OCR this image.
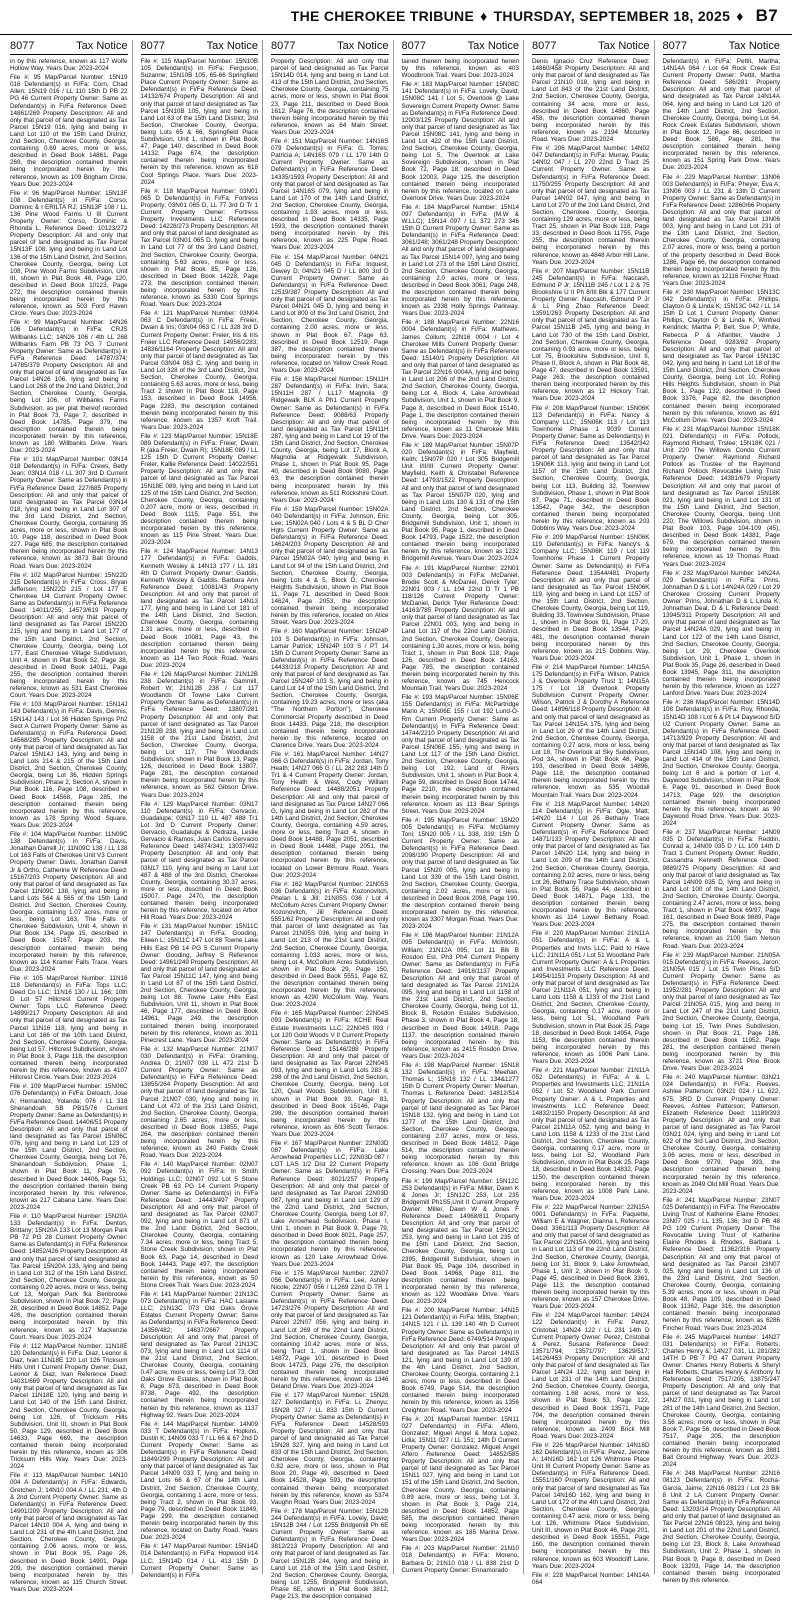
THE CHEROKEE TRIBUNE ♦ THURSDAY, SEPTEMBER 18, 2025 ♦ B7
8077	Tax Notice

in by this reference, known as 117 Wolfe Hollow Way. Years Due: 2023-2024

File #: 95 Map/Parcel Number: 15N19 016 Defendant(s) in Fi/Fa: Corn, Chad Allen; 15N19 016 / LL 110 15th D PB 22 PG 46 Current Property Owner: Same as Defendant(s) in Fi/Fa Reference Deed: 14861/269 Property Description: All and only that parcel of land designated as Tax Parcel 15N19 016, lying and being in Land Lot 110 of the 15th Land District, 2nd Section, Cherokee County, Georgia, containing 0.69 acres, more or less, described in Deed Book 14861, Page 269, the description contained therein being incorporated herein by this reference, known as 109 Brigham Circle. Years Due: 2023-2024

File #: 96 Map/Parcel Number: 15N13F 108 Defendant(s) in Fi/Fa: Corso, Dominic & I ERILTA RJ; 15N13F 108 / LL 136 Pine Wood Farms U III Current Property Owner: Corso, Dominic & Rhonda L. Reference Deed: 10123/272 Property Description: All and only that parcel of land designated as Tax Parcel 15N13F 108, lying and being in Land Lot 136 of the 15th Land District, 2nd Section, Cherokee County, Georgia, being Lot 108, Pine Wood Farms Subdivision, Unit III, shown in Plat Book 46, Page 120, described in Deed Book 10123, Page 272, the description contained therein being incorporated herein by this reference, known as 503 Ford Haven Circle. Years Due: 2023-2024

File #: 99 Map/Parcel Number: 14N26 106 Defendant(s) in Fi/Fa: CRJS Willbanks LLC; 14N26 106 / 4th LL 268 Willbanks Farm PB 73 PG 7 Current Property Owner: Same as Defendant(s) in Fi/Fa Reference Deed: 14787/374; 14785/379 Property Description: All and only that parcel of land designated as Tax Parcel 14N26 106, lying and being in Land Lot 268 of the 2nd Land District, 2nd Section, Cherokee County, Georgia, being Lot 106, of Willbanks Farms Subdivision, as per plat thereof recorded in Plat Book 73, Page 7, described in Deed Book 14785, Page 379, the description contained therein being incorporated herein by this reference, known as 180 Willbanks Drive. Years Due: 2023-2024

File #: 101 Map/Parcel Number: 03N14 018 Defendant(s) in Fi/Fa: Crews, Betty Jean; 03N14 018 / LL 307 3rd D Current Property Owner: Same as Defendant(s) in Fi/Fa Reference Deed: 227/685 Property Description: All and only that parcel of land designated as Tax Parcel 03N14 018, lying and being in Land Lot 307 of the 3rd Land District, 2nd Section, Cherokee County, Georgia, containing 35 acres, more or less, shown in Plat Book 10, Page 118, described in Deed Book 227, Page 685, the description contained therein being incorporated herein by this reference, known as 3873 Ball Ground Road. Years Due: 2023-2024

File #: 102 Map/Parcel Number: 15N22D 215 Defendant(s) in Fi/Fa: Cross, Bryan Jefferson; 15N22D 215 / Lot 177 E Cherokee U4 Current Property Owner: Same as Defendant(s) in Fi/Fa Reference Deed: 14011/255; 14573/619 Property Description: All and only that parcel of land designated as Tax Parcel 15N22D 215, lying and being in Land Lot 177 of the 15th Land District, 2nd Section, Cherokee County, Georgia, being Lot 177, East Cherokee Village Subdivision, Unit 4, shown in Plat Book 52, Page 38, described in Deed Book 14011, Page 255, the description contained therein being incorporated herein by this reference, known as 531 East Cherokee Court. Years Due: 2023-2024

File #: 103 Map/Parcel Number: 15N14J 143 Defendant(s) in Fi/Fa: Davis, Dennis; 15N14J 143 / Lot 36 Hidden Springs Ph2 Sect A Current Property Owner: Same as Defendant(s) in Fi/Fa Reference Deed: 14568/285 Property Description: All and only that parcel of land designated as Tax Parcel 15N14J 143, lying and being in Land Lots 214 & 215 of the 15th Land District, 2nd Section, Cherokee County, Georgia, being Lot 36, Hidden Springs Subdivision, Phase 2, Section A, shown in Plat Book 116, Page 108, described in Deed Book 14568, Page 285, the description contained therein being incorporated herein by this reference, known as 178 Spring Wood Square. Years Due: 2023-2024

File #: 104 Map/Parcel Number: 11N09C 138 Defendant(s) in Fi/Fa: Davis, Jonathan Darrell Jr; 11N09C 138 / LL 138 Lot 163 Falls of Cherokee Unit V3 Current Property Owner: Davis, Jonathan Darrell Jr & Ortho, Catherine W Reference Deed: 15167/203 Property Description: All and only that parcel of land designated as Tax Parcel 11N09C 138, lying and being in Land Lots 564 & 565 of the 15th Land District, 2nd Section, Cherokee County, Georgia, containing 1.07 acres, more or less, being Lot 163, The Falls of Cherokee Subdivision, Unit 4, shown in Plat Book 134, Page 15, described in Deed Book 15167, Page 203, the description contained therein being incorporated herein by this reference, known as 114 Kramer Falls Trace. Years Due: 2023-2024

File #: 105 Map/Parcel Number: 11N16 118 Defendant(s) in Fi/Fa: Tops LLC; Deed Co LLC; 11N16 130 / LL 166; 10th D Lot 57 Hillcrest Current Property Owner: Tops LLC Reference Deed: 14899/217 Property Description: All and only that parcel of land designated as Tax Parcel 11N16 118, lying and being in Land Lot 166 of the 10th Land District, 2nd Section, Cherokee County, Georgia, being Lot 57, Hillcrest Subdivision, shown in Plat Book 3, Page 118, the description contained therein being incorporated herein by this reference, known as 4107 Hillcrest Circle. Years Due: 2023-2024

File #: 109 Map/Parcel Number: 15N06C 076 Defendant(s) in Fi/Fa: Deloach, Jose A; Hernandez, Yolanda; 076 / LL 318 Shenandoah SB PB15/76 Current Property Owner: Same as Defendant(s) in Fi/Fa Reference Deed: 14406/51 Property Description: All and only that parcel of land designated as Tax Parcel 15N06C 076, lying and being in Land Lot 123 of the 15th Land District, 2nd Section, Cherokee County, Georgia, being Lot 76, Shenandoah Subdivision, Phase 1, shown in Plat Book 11, Page 76, described in Deed Book 14406, Page 51, the description contained therein being incorporated herein by this reference, known as 217 Cabana Lane. Years Due: 2023-2024

File #: 110 Map/Parcel Number: 15N20A 133 Defendant(s) in Fi/Fa: Denton, Brittany; 15N20A 133 Lot 13 Morgan Park PB 72 PG 28 Current Property Owner: Same as Defendant(s) in Fi/Fa Reference Deed: 14852/426 Property Description: All and only that parcel of land designated as Tax Parcel 15N20A 133, lying and being in Land Lot 312 of the 15th Land District, 2nd Section, Cherokee County, Georgia, containing 0.29 acres, more or less, being Lot 13, Morgan Park fka Benbrooke Subdivision, shown in Plat Book 72, Page 28, described in Deed Book 14852, Page 426, the description contained therein being incorporated herein by this reference, known as 217 Mackenzie Court. Years Due: 2023-2024

File #: 112 Map/Parcel Number: 11N18E 120 Defendant(s) in Fi/Fa: Diaz, Leonor & Diaz, Ivan 11N18E 120 Lot 126 Tricksum Hills Unit I Current Property Owner: Diaz, Leonor & Diaz, Ivan Reference Deed: 14031/669 Property Description: All and only that parcel of land designated as Tax Parcel 11N18E 120, lying and being in Land Lot 140 of the 15th Land District, 2nd Section, Cherokee County, Georgia, being Lot 126, of Tricksum Hills Subdivision, Unit III, shown in Plat Book 50, Page 129, described in Deed Book 14633, Page 669, the description contained therein being incorporated herein by this reference, known as 306 Tricksum Hills Way. Years Due: 2023-2024

File #: 113 Map/Parcel Number: 14N10 004 A Defendant(s) in Fi/Fa: Edwards, Gretchen J; 14N10 004 A / LL 231; 4th D & 2nd Current Property Owner: Same as Defendant(s) in Fi/Fa Reference Deed: 14901/209 Property Description: All and only that parcel of land designated as Tax Parcel 14N10 004 A, lying and being in Land Lot 231 of the 4th Land District, 2nd Section, Cherokee County, Georgia, containing 2.06 acres, more or less, shown in Plat Book 95, Page 26, described in Deed Book 14901, Page 209, the description contained therein being incorporated herein by this reference, known as 115 Church Street. Years Due: 2023-2024

8077	Tax Notice

File #: 115 Map/Parcel Number: 15N10B 105 Defendant(s) in Fi/Fa: Ferguson, Suzanne; 15N10B 105, 65-66 Springfield Place Current Property Owner: Same as Defendant(s) in Fi/Fa Reference Deed: 14132/674 Property Description: All and only that parcel of land designated as Tax Parcel 15N10B 105, lying and being in Land Lot 63 of the 15th Land District, 2nd Section, Cherokee County, Georgia, being Lots 65 & 66, Springfield Place Subdivision, Unit 1, shown in Plat Book 47, Page 140, described in Deed Book 14132, Page 674, the description contained therein being incorporated herein by this reference, known as 618 Cool Springs Place. Years Due: 2023-2024

File #: 118 Map/Parcel Number: 03N01 065 D Defendant(s) in Fi/Fa: Fortress Property; 03N01 065 D, LL 77 3rd D Tr 1 Current Property Owner: Fortress Property Investments LLC Reference Deed: 14228/273 Property Description: All and only that parcel of land designated as Tax Parcel 03N01 065 D, lying and being in Land Lot 77 of the 3rd Land District, 2nd Section, Cherokee County, Georgia, containing 5.63 acres, more or less, shown in Plat Book 85, Page 126, described in Deed Book 14228, Page 273, the description contained therein being incorporated herein by this reference, known as 5330 Cool Springs Road. Years Due: 2023-2024

File #: 121 Map/Parcel Number: 03N04 063 C Defendant(s) in Fi/Fa: Freier, Dwain & Iris; 03N04 063 C / LL 328 3rd D Current Property Owner: Freier, Iris & Iris Freier LLC Reference Deed: 14956/2283; 14836/1164 Property Description: All and only that parcel of land designated as Tax Parcel 03N04 063 C, lying and being in Land Lot 328 of the 3rd Land District, 2nd Section, Cherokee County, Georgia, containing 5.63 acres, more or less, being Tract 2 shown in Plat Book 118, Page 153, described in Deed Book 14956, Page 2283, the description contained therein being incorporated herein by this reference, known as 1357 Kroft Trail. Years Due: 2023-2024

File #: 123 Map/Parcel Number: 15N18E 089 Defendant(s) in Fi/Fa: Freier, Dwain R (aka Freier, Dwain R); 15N18E 089 / LL 125 15th D Current Property Owner: Freier, Kallie Reference Deed: 14022/551 Property Description: All and only that parcel of land designated as Tax Parcel 15N18E 089, lying and being in Land Lot 125 of the 15th Land District, 2nd Section, Cherokee County, Georgia, containing 0.207 acre, more or less, described in Deed Book 1115, Page 551, the description contained therein being incorporated herein by this reference, known as 115 Pine Street. Years Due: 2023-2024

File #: 124 Map/Parcel Number: 14N13 177 Defendant(s) in Fi/Fa: Gaddis, Kenneth Wesley & 14N13 177 / LL 181 4th D Current Property Owner: Gaddis, Kenneth Wesley & Gaddis, Barbara Ann Reference Deed: 10081/43 Property Description: All and only that parcel of land designated as Tax Parcel 14N13 177, lying and being in Land Lot 181 of the 14th Land District, 2nd Section, Cherokee County, Georgia, containing 1.31 acres, more or less, described in Deed Book 10081, Page 43, the description contained therein being incorporated herein by this reference, known as 114 Two Rock Road. Years Due: 2023-2024

File #: 126 Map/Parcel Number: 21N12B 238 Defendant(s) in Fi/Fa: Gammill, Robert W; 21N12B 238 / Lot 117 Woodlands Of Towne Lake Current Property Owner: Same as Defendant(s) in Fi/Fa Reference Deed: 13807/281 Property Description: All and only that parcel of land designated as Tax Parcel 21N12B 238, lying and being in Land Lot 1158 of the 21st Land District, 2nd Section, Cherokee County, Georgia, being Lot 117, The Woodlands Subdivision, shown in Plat Book 13, Page 126, described in Deed Book 13807, Page 281, the description contained therein being incorporated herein by this reference, known as 562 Gibson Drive. Years Due: 2023-2024

File #: 129 Map/Parcel Number: 03N17 110 Defendant(s) in Fi/Fa: Gervacio, Guadalupe; 03N17 110 LL 487 488 Tr1 Lot 3rd D Current Property Owner: Gervacio, Guadalupe & Pedraza, Leslie Gervacio & Ramos, Juan Carlos Gervacio Reference Deed: 14874/341; 13037/492 Property Description: All and only that parcel of land designated as Tax Parcel 03N17 110, lying and being in Land Lot 487 & 488 of the 3rd District, Cherokee County, Georgia, containing 30.37 acres, more or less, described in Deed Book 15007, Page 2470, the description contained therein being incorporated herein by this reference, located on Arbor Hill Road. Years Due: 2023-2024

File #: 131 Map/Parcel Number: 15N11C 147 Defendant(s) in Fi/Fa: Gooding, Eileen L; 15N11C 147 Lot 88 Towne Lake Hills East PB 14 PG 5 Current Property Owner: Gooding, Jeffrey S Reference Deed: 14961/249 Property Description: All and only that parcel of land designated as Tax Parcel 15N11C 147, lying and being in Land Lot 87 of the 15th Land District, 2nd Section, Cherokee County, Georgia, being Lot 88, Towne Lake Hills East Subdivision, Unit 11, shown in Plat Book 46, Page 177, described in Deed Book 14961, Page 249, the description contained therein being incorporated herein by this reference, known as 3011 Pinecrest Lane. Years Due: 2023-2024

File #: 132 Map/Parcel Number: 21N07 030 Defendant(s) in Fi/Fa: Gramling, Andrea D; 21N07 030 LL 472 21st D Current Property Owner: Same as Defendant(s) in Fi/Fa Reference Deed: 13855/264 Property Description: All and only that parcel of land designated as Tax Parcel 21N07 030, lying and being in Land Lot 472 of the 21st Land District, 2nd Section, Cherokee County, Georgia, containing 2.65 acres, more or less, described in Deed Book 13855, Page 264, the description contained therein being incorporated herein by this reference, known as 240 Fields Creek Road. Years Due: 2023-2024

File #: 140 Map/Parcel Number: 02N07 092 Defendant(s) in Fi/Fa: In Smith Holdings LLC; 02N07 092 Lot 5 Stone Creek PB 63 PG 14 Current Property Owner: Same as Defendant(s) in Fi/Fa Reference Deed: 14443/497 Property Description: All and only that parcel of land designated as Tax Parcel 02N07 092, lying and being in Land Lot 871 of the 2nd Land District, 2nd Section, Cherokee County, Georgia, containing 7.34 acres, more or less, being Tract 5, Stone Creek Subdivision, shown in Plat Book 63, Page 14, described in Deed Book 14443, Page 497, the description contained therein being incorporated herein by this reference, known as 50 Stone Creek Trail. Years Due: 2023-2024

File #: 141 Map/Parcel Number: 21N13C 073 Defendant(s) in Fi/Fa: HAC Lasiane LLC; 21N13C 073 Old Oaks Grove Estates Current Property Owner: Same as Defendant(s) in Fi/Fa Reference Deed: 14358/482; 14637/2667 Property Description: All and only that parcel of land designated as Tax Parcel 21N13C 073, lying and being in Land Lot 1114 of the 21st Land District, 2nd Section, Cherokee County, Georgia, containing 0.47 acre, more or less, being Lot 73, Old Oaks Grove Estates, shown in Plat Book 8, Page 873, described in Deed Book 8738, Page 492, the description contained therein being incorporated herein by this reference, known as 1137 Highway 92. Years Due: 2023-2024

File #: 144 Map/Parcel Number: 14N09 033 T Defendant(s) in Fi/Fa: Hopkins, Dustin K; 14N09 033 T / LL 66 & 67 2nd D Current Property Owner: Same as Defendant(s) in Fi/Fa Reference Deed: 11849/299 Property Description: All and only that parcel of land designated as Tax Parcel 14N09 033 T, lying and being in Land Lots 66 & 67 of the 14th Land District, 2nd Section, Cherokee County, Georgia, containing 1 acre, more or less, being Tract 2, shown in Plat Book 93, Page 79, described in Deed Book 11849, Page 299, the description contained therein being incorporated herein by this reference, located on Darby Road. Years Due: 2023-2024

File #: 147 Map/Parcel Number: 15N14D 014 Defendant(s) in Fi/Fa: Hopwood #14 LLC; 15N14D 014 / LL 413 15th D Current Property Owner: Same as Defendant(s) in Fi/Fa

8077	Tax Notice

Property Description: All and only that parcel of land designated as Tax Parcel 15N14D 014, lying and being in Land Lot 413 of the 15th Land District, 2nd Section, Cherokee County, Georgia, containing 75 acres, more or less, shown in Plat Book 23, Page 211, described in Deed Book 1612, Page 76, the description contained therein being incorporated herein by this reference, known as 64 Main Street. Years Due: 2023-2024

File #: 151 Map/Parcel Number: 14N16S 079 Defendant(s) in Fi/Fa: G. Torres; Patricia A; 14N16S 079 / LL 170 14th D Current Property Owner: Same as Defendant(s) in Fi/Fa Reference Deed: 14335/1593 Property Description: All and only that parcel of land designated as Tax Parcel 14N16S 079, lying and being in Land Lot 170 of the 14th Land District, 2nd Section, Cherokee County, Georgia, containing 1.93 acres, more or less, described in Deed Book 14335, Page 1593, the description contained therein being incorporated herein by this reference, known as 225 Pope Road. Years Due: 2023-2024

File #: 154 Map/Parcel Number: 04N21 045 D Defendant(s) in Fi/Fa: Inquest, Dewey D; 04N21 045 D / LL 800 3rd D Current Property Owner: Same as Defendant(s) in Fi/Fa Reference Deed: 12519/387 Property Description: All and only that parcel of land designated as Tax Parcel 04N21 045 D, lying and being in Land Lot 800 of the 3rd Land District, 2nd Section, Cherokee County, Georgia, containing 2.00 acres, more or less, shown in Plat Book 67, Page 63, described in Deed Book 12519, Page 387, the description contained therein being incorporated herein by this reference, located on Yellow Creek Road. Years Due: 2023-2024

File #: 156 Map/Parcel Number: 15N11H 287 Defendant(s) in Fi/Fa: Irvin, Sara; 15N11H 287 / LL17 Magnolia @ Ridgewalk BLK A Ph1 Current Property Owner: Same as Defendant(s) in Fi/Fa Reference Deed: 9088/63 Property Description: All and only that parcel of land designated as Tax Parcel 15N11H 287, lying and being in Land Lot 19 of the 15th Land District, 2nd Section, Cherokee County, Georgia, being Lot 17, Block A, Magnolia at Ridgewalk Subdivision, Phase 1, shown in Plat Book 95, Page 40, described in Deed Book 9080, Page 63, the description contained therein being incorporated herein by this reference, known as 511 Rockshire Court. Years Due: 2023-2024

File #: 159 Map/Parcel Number: 15N02A 040 Defendant(s) in Fi/Fa: Johnson, Eric Lee; 15N02A 040 / Lots 4 & 5 BL D Cher Hgts Current Property Owner: Same as Defendant(s) in Fi/Fa Reference Deed: 14624/203 Property Description: All and only that parcel of land designated as Tax Parcel 15N02A 040, lying and being in Land Lot 94 of the 15th Land District, 2nd Section, Cherokee County, Georgia, being Lots 4 & 5, Block D, Cherokee Heights Subdivision, shown in Plat Book 11, Page 71, described in Deed Book 14624, Page 2053, the description contained therein being incorporated herein by this reference, located on Alice Street. Years Due: 2023-2024

File #: 160 Map/Parcel Number: 15N24P 103 S Defendant(s) in Fi/Fa: Johnson, Lamar Patrick; 15N24P 103 S / PT 14 15th D Current Property Owner: Same as Defendant(s) in Fi/Fa Reference Deed: 14433/218 Property Description: All and only that parcel of land designated as Tax Parcel 15N24P 103 S, lying and being in Land Lot 14 of the 15th Land District, 2nd Section, Cherokee County, Georgia, containing 19.23 acres, more or less (aka "The Northern Portion"), Cherokee Commercial Property described in Deed Book 14433, Page 218, the description contained therein being incorporated herein by this reference, located on Clarence Drive. Years Due: 2023-2024

File #: 161 Map/Parcel Number: 14N27 066 G Defendant(s) in Fi/Fa: Jordan, Tony Heath; 14N27 066 G / LL 282 283 14th D Tr1 & 4 Current Property Owner: Jordan, Tony Heath & West, Cody William Reference Deed: 14488/2051 Property Description: All and only that parcel of land designated as Tax Parcel 14N27 066 G, lying and being in Land Lot 282 of the 14th Land District, 2nd Section, Cherokee County, Georgia, containing 4.59 acres, more or less, being Tract 4, shown in Deed Book 14488, Page 2051, described in Deed Book 14488, Page 2051, the description contained therein being incorporated herein by this reference, located on Lower Birmore Road. Years Due: 2023-2024

File #: 162 Map/Parcel Number: 21N05S 036 Defendant(s) in Fi/Fa: Kozonovitch, Phelan L & Jill; 21N05S 036 / Lot 4 McCollum Acres Current Property Owner: Kozonovitch, Jill Reference Deed: 5551/62 Property Description: All and only that parcel of land designated as Tax Parcel 21N05S 036, lying and being in Land Lot 213 of the 21st Land District, 2nd Section, Cherokee County, Georgia, containing 1.033 acres, more or less, being Lot 4, McCollum Acres Subdivision, shown in Plat Book 29, Page 150, described in Deed Book 5551, Page 62, the description contained therein being incorporated herein by this reference, known as 4290 McCollum Way. Years Due: 2023-2024

File #: 165 Map/Parcel Number: 22N04S 093 Defendant(s) in Fi/Fa: KCHE Real Estate Investments LLC; 22N04S 093 / Lot 120 Gold Woods V II Current Property Owner: Same as Defendant(s) in Fi/Fa Reference Deed: 15146/288 Property Description: All and only that parcel of land designated as Tax Parcel 22N04S 093, lying and being in Land Lots 283 & 298 of the 2nd Land District, 2nd Section, Cherokee County, Georgia, being Lot 120, Quail Woods Subdivision, Unit II, shown in Plat Book 39, Page 83, described in Deed Book 15146, Page 298, the description contained therein being incorporated herein by this reference, known as 606 Scott Terrace. Years Due: 2023-2024

File #: 167 Map/Parcel Number: 22N03D 087 Defendant(s) in Fi/Fa: Lake Arrowhead Properties LLC; 22N03D 087 / LOT LAS 1/2 Dist 22 Current Property Owner: Same as Defendant(s) in Fi/Fa Reference Deed: 8021/257 Property Description: All and only that parcel of land designated as Tax Parcel 22N03D 087, lying and being in Land Lot 129 of the 22nd Land District, 2nd Section, Cherokee County, Georgia, being Lot 87, Lake Arrowhead Subdivision, Phase I, Unit 1, shown in Plat Book 9, Page 79, described in Deed Book 8021, Page 257, the description contained therein being incorporated herein by this reference, known as 120 Lake Arrowhead Drive. Years Due: 2023-2024

File #: 175 Map/Parcel Number: 22N07 056 Defendant(s) in Fi/Fa: Lee, Ashley Nicole; 22N07 056 / LL269 22nd D TR 1 Current Property Owner: Same as Defendant(s) in Fi/Fa Reference Deed: 14723/276 Property Description: All and only that parcel of land designated as Tax Parcel 22N07 056, lying and being in Land Lot 269 of the 22nd Land District, 2nd Section, Cherokee County, Georgia, containing 10.42 acres, more or less, being Tract 1, shown in Deed Book 14872, Page 101, described in Deed Book 14723, Page 276, the description contained therein being incorporated herein by this reference, known as 1346 Deland Drive. Years Due: 2023-2024

File #: 177 Map/Parcel Number: 15N28 327 Defendant(s) in Fi/Fa: Li, Zhenyu; 15N28 327 / LL 833 15th D Current Property Owner: Same as Defendant(s) in Fi/Fa Reference Deed: 14528/593 Property Description: All and only that parcel of land designated as Tax Parcel 15N28 327, lying and being in Land Lot 833 of the 15th Land District, 2nd Section, Cherokee County, Georgia, containing 0.82 acre, more or less, shown in Plat Book 20, Page 49, described in Deed Book 14528, Page 593, the description contained therein being incorporated herein by this reference, known as 5374 Vaughn Road. Years Due: 2023-2024

File #: 178 Map/Parcel Number: 15N12B 244 Defendant(s) in Fi/Fa: Lovely, David; 15N12B 244 / Lot 1255 Bridgemill Ph 6E Current Property Owner: Same as Defendant(s) in Fi/Fa Reference Deed: 3812/213 Property Description: All and only that parcel of land designated as Tax Parcel 15N12B 244, lying and being in Land Lot 218 of the 15th Land District, 2nd Section, Cherokee County, Georgia, being Lot 1255, Bridgemill Subdivision, Phase 6E, shown in Plat Book 3812, Page 213, the description contained

8077	Tax Notice

tained therein being incorporated herein by this reference, known as 403 Woodbrook Trail. Years Due: 2023-2024

File #: 183 Map/Parcel Number: 15N08C 141 Defendant(s) in Fi/Fa: Lovely, David; 15N08C 141 / Lot 5, Overlook @ Lake Sovereign Current Property Owner: Same as Defendant(s) in Fi/Fa Reference Deed: 12003/125 Property Description: All and only that parcel of land designated as Tax Parcel 15N08C 141, lying and being in Land Lot 422 of the 15th Land District, 2nd Section, Cherokee County, Georgia, being Lot 5, The Overlook at Lake Sovereign Subdivision, shown in Plat Book 72, Page 18, described in Deed Book 12003, Page 125, the description contained therein being incorporated herein by this reference, located on Lake Overlook Drive. Years Due: 2023-2024

File #: 184 Map/Parcel Number: 15N14 097 Defendant(s) in Fi/Fa: (M.W & W.LLC); 15N14 097 / LL 372 273 346 15th D Current Property Owner: Same as Defendant(s) in Fi/Fa Reference Deed: 3061/248; 3061/248 Property Description: All and only that parcel of land designated as Tax Parcel 15N14 097, lying and being in Land Lot 273 of the 15th Land District, 2nd Section, Cherokee County, Georgia, containing 2.0 acres, more or less, described in Deed Book 3061, Page 248, the description contained therein being incorporated herein by this reference, known as 2338 Holly Springs Parkway. Years Due: 2023-2024

File #: 188 Map/Parcel Number: 22N16 0004 Defendant(s) in Fi/Fa: Mathews, James Collum; 22N16 0004 / Lot 4 Cherokee Mills Current Property Owner: Same as Defendant(s) in Fi/Fa Reference Deed: 15140/1 Property Description: All and only that parcel of land designated as Tax Parcel 22N16 0004A, lying and being in Land Lot 206 of the 2nd Land District, 2nd Section, Cherokee County, Georgia, being Lot 4, Block 4, Lake Arrowhead Subdivision, Unit 1, shown in Plat Book 9, Page 8, described in Deed Book 15140, Page 1, the description contained therein being incorporated herein by this reference, known as 11 Cherokee Mills Drive. Years Due: 2023-2024

File #: 189 Map/Parcel Number: 15N07P 020 Defendant(s) in Fi/Fa: Mayfield, Keith; 15N07P 020 / Lot 305 Bridgemill Unit I/II/III Current Property Owner: Mayfield, Keith & Christabel Reference Deed: 14793/1522 Property Description: All and only that parcel of land designated as Tax Parcel 15N07P 020, lying and being in Land Lots 130 & 131 of the 15th Land District, 2nd Section, Cherokee County, Georgia, being Lot 305, Bridgemill Subdivision, Unit 1, shown in Plat Book 95, Page 1, described in Deed Book 14793, Page 1522, the description contained therein being incorporated herein by this reference, known as 1232 Bridgemill Avenue. Years Due: 2023-2024

File #: 191 Map/Parcel Number: 22N01 003 Defendant(s) in Fi/Fa: McDaniel, Brodie Scott & McDaniel, Derick Tyler; 22N01 003 / LL 104 22nd D Tr 1 PB 118/126 Current Property Owner: McDaniel, Derick Tyler Reference Deed: 14163/785 Property Description: All and only that parcel of land designated as Tax Parcel 22N01 003, lying and being in Land Lot 117 of the 22nd Land District, 2nd Section, Cherokee County, Georgia, containing 1.30 acres, more or less, being Tract 1, shown in Plat Book 118, Page 126, described in Deed Book 14163, Page 785, the description contained therein being incorporated herein by this reference, known as 745 Hencock Mountain Trail. Years Due: 2023-2024

File #: 193 Map/Parcel Number: 15N06E 155 Defendant(s) in Fi/Fa: McPartridge Mario A; 15N06E 155 / Lot 192 Lund-O-Rm Current Property Owner: Same as Defendant(s) in Fi/Fa Reference Deed: 14744/2210 Property Description: All and only that parcel of land designated as Tax Parcel 15N06E 155, lying and being in Land Lot 117 of the 15th Land District, 2nd Section, Cherokee County, Georgia, being Lot 192, Land of Rivers Subdivision, Unit 1, shown in Plat Book 4, Page 59, described in Deed Book 14744, Page 2210, the description contained therein being incorporated herein by this reference, known as 113 Bear Springs Street. Years Due: 2023-2024

File #: 195 Map/Parcel Number: 15N20 005 Defendant(s) in Fi/Fa: McGlamry Toni; 15N20 005 / LL 338, 339; 15th D Current Property Owner: Same as Defendant(s) in Fi/Fa Reference Deed: 2098/190 Property Description: All and only that parcel of land designated as Tax Parcel 15N20 005, lying and being in Land Lot 339 of the 15th Land District, 2nd Section, Cherokee County, Georgia, containing 2.02 acres, more or less, described in Deed Book 2098, Page 190, the description contained therein being incorporated herein by this reference, known as 3307 Morgan Road. Years Due: 2023-2024

File #: 196 Map/Parcel Number: 21N12A 095 Defendant(s) in Fi/Fa: McIntosh, William; 21N12A 095, Lot 11 Blk B Rosdon Est. Ph3 Ph4 Current Property Owner: Same as Defendant(s) in Fi/Fa Reference Deed: 14918/1137 Property Description: All and only that parcel of land designated as Tax Parcel 21N12A 095, lying and being in Land Lot 1158 of the 21st Land District, 2nd Section, Cherokee County, Georgia, being Lot 11, Block B, Rosdon Estates Subdivision, Phase 3, shown in Plat Book 4, Page 18, described in Deed Book 14918, Page 1137, the description contained therein being incorporated herein by this reference, known as 2415 Rosdon Drive. Years Due: 2023-2024

File #: 198 Map/Parcel Number: 15N18 132 Defendant(s) in Fi/Fa: Meehan, Thomas L; 15N18 132 / LL 134&1277 15th D Current Property Owner: Meehan, Thomas L Reference Deed: 14812/514 Property Description: All and only that parcel of land designated as Tax Parcel 15N18 132, lying and being in Land Lot 1277 of the 15th Land District, 2nd Section, Cherokee County, Georgia, containing 2.07 acres, more or less, described in Deed Book 14812, Page 514, the description contained therein being incorporated herein by this reference, known as 106 Gold Bridge Crossing. Years Due: 2023-2024

File #: 199 Map/Parcel Number: 15N12C 253 Defendant(s) in Fi/Fa: Miller, Dawn K & Jones Jr; 15N12C 253, Lot 235 Bridgemill Ph1S5,Unit II Current Property Owner: Miller, Dawn W & Jones F Reference Deed: 14968/811 Property Description: All and only that parcel of land designated as Tax Parcel 15N12C 253, lying and being in Land Lot 235 of the 15th Land District, 2nd Section, Cherokee County, Georgia, being Lot 2395, Bridgemill Subdivision, shown in Plat Book 95, Page 104, described in Deed Book 14968, Page 811, the description contained therein being incorporated herein by this reference, known as 122 Woodlake Drive. Years Due: 2023-2024

File #: 200 Map/Parcel Number: 14N15 121 Defendant(s) in Fi/Fa: Mills, Stephen; 14N15 121 / LL 139 140 4th D Current Property Owner: Same as Defendant(s) in Fi/Fa Reference Deed: 6749/514 Property Description: All and only that parcel of land designated as Tax Parcel 14N15 121, lying and being in Land Lot 139 of the 4th Land District, 2nd Section, Cherokee County, Georgia, containing 2.1 acres, more or less, described in Deed Book 6749, Page 514, the description contained therein being incorporated herein by this reference, known as 1356 Creighton Road. Years Due: 2023-2024

File #: 201 Map/Parcel Number: 15N11 027 Defendant(s) in Fi/Fa: Aflero, Gonzalez; Miguel Angel & Mora Lopez, Lidia; 15N11 027 / LL 151; 14th D Current Property Owner: Gonzalez, Miguel Angel Aflero Reference Deed: 14852/585 Property Description: All and only that parcel of land designated as Tax Parcel 15N11 027, lying and being in Land Lot 151 of the 15th Land District, 2nd Section, Cherokee County, Georgia, containing 0.89 acre, more or less, being Lot 3, shown in Plat Book 3, Page 214, described in Deed Book 14852, Page 585, the description contained therein being incorporated herein by this reference, known as 185 Marina Drive. Years Due: 2023-2024

File #: 203 Map/Parcel Number: 21N10 018 Defendant(s) in Fi/Fa: Moreno, Barbara D; 21N10 018 / LL 838 21st D Current Property Owner: Ennamorado

8077	Tax Notice

Denis Ignacio Cruz Reference Deed: 14860/458 Property Description: All and only that parcel of land designated as Tax Parcel 21N10 018, lying and being in Land Lot 843 of the 21st Land District, 2nd Section, Cherokee County, Georgia, containing 34 acre, more or less, described in Deed Book 14860, Page 458, the description contained therein being incorporated herein by this reference, known as 2194 Mccurley Road. Years Due: 2023-2024

File #: 206 Map/Parcel Number: 14N02 047 Defendant(s) in Fi/Fa: Murray, Paula; 14N02 047 / LL 270 22nd D Tract 25 Current Property Owner: Same as Defendant(s) in Fi/Fa Reference Deed: 11750/255 Property Description: All and only that parcel of land designated as Tax Parcel 14N02 047, lying and being in Land Lot 270 of the 2nd Land District, 2nd Section, Cherokee County, Georgia, containing 129 acres, more or less, being Tract 25, shown in Plat Book 118, Page 33, described in Deed Book 11755, Page 255, the description contained therein being incorporated herein by this reference, known as 4848 Arbor Hill Lane. Years Due: 2023-2024

File #: 207 Map/Parcel Number: 15N11B 245 Defendant(s) in Fi/Fa: Naccash, Edmund P Jr; 15N11B 245 / Lot 1 2 & 75 Brookshire U II Ph 8/III Blk & 177 Current Property Owner: Naccash, Edmund P Jr & Li, Ping Zhao Reference Deed: 13591/263 Property Description: All and only that parcel of land designated as Tax Parcel 15N11B 245, lying and being in Land Lot 730 of the 15th Land District, 2nd Section, Cherokee County, Georgia, containing 0.93 acre, more or less, being Lot 75, Brookshire Subdivision, Unit II, Phase II, Block A, shown in Plat Book 48, Page 47, described in Deed Book 13591, Page 263, the description contained therein being incorporated herein by this reference, known as 12 Hickory Trail. Years Due: 2023-2024

File #: 208 Map/Parcel Number: 15N06K 113 Defendant(s) in Fi/Fa: Nancy & Company LLC; 15N06K 113 / Lot 113 Townhome Phase 1 9039 Current Property Owner: Same as Defendant(s) in Fi/Fa Reference Deed: 13542/342 Property Description: All and only that parcel of land designated as Tax Parcel 15N06K 113, lying and being in Land Lot 1157 of the 15th Land District, 2nd Section, Cherokee County, Georgia, being Lot 113, Building 32, Townview Subdivision, Phase 1, shown in Plat Book 87, Page 71, described in Deed Book 13542, Page 342, the description contained therein being incorporated herein by this reference, known as 203 Dobbins Way. Years Due: 2023-2024

File #: 209 Map/Parcel Number: 15N06K 119 Defendant(s) in Fi/Fa: Nancy's & Company LLC; 15N06K 119 / Lot 119 Townhome Phase 1 Current Property Owner: Same as Defendant(s) in Fi/Fa Reference Deed: 13544/481 Property Description: All and only that parcel of land designated as Tax Parcel 15N06K 119, lying and being in Land Lot 1157 of the 15th Land District, 2nd Section, Cherokee County, Georgia, being Lot 119, Building 33, Townview Subdivision, Phase 1, shown in Plat Book 91, Page 17-20, described in Deed Book 13544, Page 481, the description contained therein being incorporated herein by this reference, known as 215 Dobbins Way. Years Due: 2023-2024

File #: 214 Map/Parcel Number: 14N15A 175 Defendant(s) in Fi/Fa: Wilson, Patrick J & Overlook Property Trust 1; 14N15A 175 / Lot 18 Overlook Property Subdivision Current Property Owner: Wilson, Patrick J & Dorothy A Reference Deed: 14896/118 Property Description: All and only that parcel of land designated as Tax Parcel 14N15A 175, lying and being in Land Lot 29 of the 14th Land District, 2nd Section, Cherokee County, Georgia, containing 0.27 acre, more or less, being Lot 18, The Overlook at Sky Subdivision, Pod 3A, shown in Plat Book 48, Page 193, described in Deed Book 14896, Page 118, the description contained therein being incorporated herein by this reference, known as 535 Woodall Mountain Trail. Years Due: 2023-2024

File #: 218 Map/Parcel Number: 14N20 114 Defendant(s) in Fi/Fa: Ogle, Matt; 14N20 114 / Lot 26 Bethany Trace Current Property Owner: Same as Defendant(s) in Fi/Fa Reference Deed: 14871/133 Property Description: All and only that parcel of land designated as Tax Parcel 14N20 114, lying and being in Land Lot 209 of the 14th Land District, 2nd Section, Cherokee County, Georgia, containing 2.02 acres, more or less, being Lot 26, Bethany Trace Subdivision, shown in Plat Book 56, Page 44, described in Deed Book 14871, Page 133, the description contained therein being incorporated herein by this reference, known as 114 Lower Bethany Road. Years Due: 2023-2024

File #: 220 Map/Parcel Number: 21N11A 051 Defendant(s) in Fi/Fa: A & L Properties and Invts LLC; Paid to Have LLC; 21N11A 051 / Lot 51 Woodland Park Current Property Owner: A & L Properties and Investments LLC Reference Deed: 14954/1153 Property Description: All and only that parcel of land designated as Tax Parcel 21N11A 051, lying and being in Land Lots 1158 & 1233 of the 21st Land District, 2nd Section, Cherokee County, Georgia, containing 0.17 acre, more or less, being Lot 51, Woodland Park Subdivision, shown in Plat Book 25, Page 18, described in Deed Book 14954, Page 1153, the description contained therein being incorporated herein by this reference, known as 1006 Park Lane. Years Due: 2023-2024

File #: 221 Map/Parcel Number: 21N11A 052 Defendant(s) in Fi/Fa: A & L Properties and Investments LLC; 21N11A 052 / Lot 52 Woodland Park Current Property Owner: A & L Properties and Investments LLC Reference Deed: 14832/1150 Property Description: All and only that parcel of land designated as Tax Parcel 21N11A 052, lying and being in Land Lots 1158 & 1233 of the 21st Land District, 2nd Section, Cherokee County, Georgia, containing 0.17 acre, more or less, being Lot 52, Woodland Park Subdivision, shown in Plat Book 25, Page 18, described in Deed Book 14832, Page 1150, the description contained therein being incorporated herein by this reference, known as 1008 Park Lane. Years Due: 2023-2024

File #: 222 Map/Parcel Number: 22N15A 0901 Defendant(s) in Fi/Fa: Paquette, William E & Wagner, Dianna L Reference Deed: 3361/113 Property Description: All and only that parcel of land designated as Tax Parcel 22N15A 0901, lying and being in Land Lot 113 of the 22nd Land District, 2nd Section, Cherokee County, Georgia, being Lot 31, Block 9, Lake Arrowhead, Phase 1, Unit 2, shown in Plat Book 9, Page 45, described in Deed Book 3361, Page 113, the description contained therein being incorporated herein by this reference, known as 157 Cherokee Drive. Years Due: 2023-2024

File #: 224 Map/Parcel Number: 14N24 122 Defendant(s) in Fi/Fa: Perez, Cristobal; 14N24 122 / LL 231 14th D Current Property Owner: Perez, Cristobal & Perez, Susana Reference Deed: 13571/794; 13571/797; 13629/517; 14126/453 Property Description: All and only that parcel of land designated as Tax Parcel 14N24 122, lying and being in Land Lot 231 of the 14th Land District, 2nd Section, Cherokee County, Georgia, containing 1.68 acres, more or less, shown in Plat Book 53, Page 122, described in Deed Book 13571, Page 794, the description contained therein being incorporated herein by this reference, known as 2409 Brick Mill Road. Years Due: 2023-2024

File #: 226 Map/Parcel Number: 14N16D 162 Defendant(s) in Fi/Fa: Perez, Jerome A; 14N16D 162 Lot 126 Whitmore Place Unit III Current Property Owner: Same as Defendant(s) in Fi/Fa Reference Deed: 15551/160 Property Description: All and only that parcel of land designated as Tax Parcel 14N16D 162, lying and being in Land Lot 172 of the 4th Land District, 2nd Section, Cherokee County, Georgia, containing 0.47 acre, more or less, being Lot 126, Whitmore Place Subdivision, Unit III, shown in Plat Book 46, Page 201, described in Deed Book 15551, Page 160, the description contained therein being incorporated herein by this reference, known as 603 Woodcliff Lane. Years Due: 2023-2024

File #: 228 Map/Parcel Number: 14N14A 064

8077	Tax Notice

Defendant(s) in Fi/Fa: Pettit, Martha; 14N14A 064 / Lot 64 Rock Creek Est Current Property Owner: Pettit, Martha Reference Deed: 586/281 Property Description: All and only that parcel of land designated as Tax Parcel 14N14A 064, lying and being in Land Lot 120 of the 14th Land District, 2nd Section, Cherokee County, Georgia, being Lot 64, Rock Creek Estates Subdivision, shown in Plat Book 12, Page 86, described in Deed Book 586, Page 281, the description contained therein being incorporated herein by this reference, known as 151 Spring Park Drive. Years Due: 2023-2024

File #: 229 Map/Parcel Number: 13N06 003 Defendant(s) in Fi/Fa: Pheyer, Eva A; 13N06 003 / LL 231 & 13th D Current Property Owner: Same as Defendant(s) in Fi/Fa Reference Deed: 12860/66 Property Description: All and only that parcel of land designated as Tax Parcel 13N06 003, lying and being in Land Lot 231 of the 13th Land District, 2nd Section, Cherokee County, Georgia, containing 2.07 acres, more or less, being a portion of the property described in Deed Book 1286, Page 66, the description contained therein being incorporated herein by this reference, known as 12116 Fincher Road. Years Due: 2023-2024

File #: 230 Map/Parcel Number: 15N13C 042 Defendant(s) in Fi/Fa: Phillips, Clayton G & Linda K; 15N13C 042 / LL 14 15th D Lot 1 Current Property Owner: Phillips, Clayton G & Linda K; Winfred Kendrick, Martha P; Bell, Sue P; White, Rebecca P & Alfaritter, Vaudre J Reference Deed: 9283/82 Property Description: All and only that parcel of land designated as Tax Parcel 15N13C 042, lying and being in Land Lot 18 of the 15th Land District, 2nd Section, Cherokee County, Georgia, being Lot 10, Rolling Hills Heights Subdivision, shown in Plat Book 1, Page 132, described in Deed Book 3376, Page 82, the description contained therein being incorporated herein by this reference, known as 691 McCollum Drive. Years Due: 2023-2024

File #: 231 Map/Parcel Number: 15N18K 021 Defendant(s) in Fi/Fa: Pollock, Raymond Richard, Trstee; 15N18K 021 / Unit 220 The Willows Condo Current Property Owner: Raymond Richard Pollock as Trustee of the Raymond Richard Pollock Revocable Living Trust Reference Deed: 14381/679 Property Description: All and only that parcel of land designated as Tax Parcel 15N18K 021, lying and being in Land Lot 131 of the 15th Land District, 2nd Section, Cherokee County, Georgia, being Unit 220, The Willows Subdivision, shown in Plat Book 103, Page 104-109 (45), described in Deed Book 14381, Page 679, the description contained therein being incorporated herein by this reference, known as 19 Thomas Road. Years Due: 2023-2024

File #: 232 Map/Parcel Number: 14N24A 029 Defendant(s) in Fi/Fa: Prins, Johnathan D & L Lot 14N24A 029 / Lot 29 Cherokee Crossing Current Property Owner: Prins, Johnathan D & L Linda K; Johnathan Deal, D & L Reference Deed: 13945/311 Property Description: All and only that parcel of land designated as Tax Parcel 14N24A 029, lying and being in Land Lot 122 of the 14th Land District, 2nd Section, Cherokee County, Georgia, being Lot 29, Cherokee Overlook Subdivision, Unit 1, Phase 1, shown in Plat Book 35, Page 26, described in Deed Book 13945, Page 311, the description contained therein being incorporated herein by this reference, known as 1227 Lanford Drive. Years Due: 2023-2024

File #: 236 Map/Parcel Number: 15N14D 108 Defendant(s) in Fi/Fa: Roy, Rhonda; 15N14D 108 / Lot 6 & Pt L4 Daywood S/D U2 Current Property Owner: Same as Defendant(s) in Fi/Fa Reference Deed: 14713/929 Property Description: All and only that parcel of land designated as Tax Parcel 15N14D 108, lying and being in Land Lot 414 of the 15th Land District, 2nd Section, Cherokee County, Georgia, being Lot 6 and a portion of Lot 4, Daywood Subdivision, shown in Plat Book 6, Page 91, described in Deed Book 14713, Page 929, the description contained therein being incorporated herein by this reference, known as 90 Daywood Road Drive. Years Due: 2023-2024

File #: 237 Map/Parcel Number: 14N09 035 D Defendant(s) in Fi/Fa: Reddin, Conrad a; 14N09 035 D / LL 100 14th D Tract 1 Current Property Owner: Reddin, Cassandra Kenneth Reference Deed: 9889/275 Property Description: All and only that parcel of land designated as Tax Parcel 14N09 035 D, lying and being in Land Lot 100 of the 14th Land District, 2nd Section, Cherokee County, Georgia, containing 2.47 acres, more or less, being Tract 1, shown in Plat Book 69/97, Page 161, described in Deed Book 9889, Page 275, the description contained therein being incorporated herein by this reference, known as 2100 Sam Nelson Road. Years Due: 2023-2024

File #: 239 Map/Parcel Number: 21N05A 015 Defendant(s) in Fi/Fa: Reeves, Jaron; 21N05A 015 / Lot 15 Twin Pines S/D Current Property Owner: Same as Defendant(s) in Fi/Fa Reference Deed: 11952/281 Property Description: All and only that parcel of land designated as Tax Parcel 21N05A 015, lying and being in Land Lot 247 of the 21st Land District, 2nd Section, Cherokee County, Georgia, being Lot 15, Twin Pines Subdivision, shown in Plat Book 21, Page 186, described in Deed Book 11952, Page 281, the description contained therein being incorporated herein by this reference, known as 3721 Pine Brook Drive. Years Due: 2023-2024

File #: 240 Map/Parcel Number: 03N21 024 Defendant(s) in Fi/Fa: Reeves, Ashlee Patterson; 03N21 024 / LL 622, 675; 3RD D Current Property Owner: Reeves, Ashlee Patterson; Patterson, Elizabeth Reference Deed: 11189/393 Property Description: All and only that parcel of land designated as Tax Parcel 03N21 024, lying and being in Land Lot 622 of the 3rd Land District, 2nd Section, Cherokee County, Georgia, containing 3.06 acres, more or less, described in Deed Book 9779, Page 393, the description contained therein being incorporated herein by this reference, known as 2049 Old Mill Road. Years Due: 2023-2024

File #: 241 Map/Parcel Number: 23N07 025 Defendant(s) in Fi/Fa: The Revocable Living Trust of Katherine Elaine Rhodes; 23N07 025 / LL 135, 136; 3rd D PB 48 PG 109 Current Property Owner: The Revocable Living Trust of Katherine Elaine Rhodes & Rhodes, Barbara L Reference Deed: 11362/316 Property Description: All and only that parcel of land designated as Tax Parcel 23N07 025, lying and being in Land Lot 136 of the 23rd Land District, 2nd Section, Cherokee County, Georgia, containing 5.39 acres, more or less, shown in Plat Book 48, Page 109, described in Deed Book 11362, Page 316, the description contained therein being incorporated herein by this reference, known as 6286 Fincher Road. Years Due: 2023-2024

File #: 245 Map/Parcel Number: 14N27 031 Defendant(s) in Fi/Fa: Roberts, Charles Henry &; 14N27 031, LL 281/282 14TH D PB 7 PG 47 Current Property Owner: Charles Henry Roberts & Sheryl Hall Roberts, Charles Henry & Anthony N Reference Deed: 7517/205; 13875/247 Property Description: All and only that parcel of land designated as Tax Parcel 14N27 031, lying and being in Land Lot 281 of the 14th Land District, 2nd Section, Cherokee County, Georgia, containing 3.56 acres, more or less, shown in Plat Book 7, Page 56, described in Deed Book 7517, Page 205, the description contained therein being incorporated herein by this reference, known as 3881 Ball Ground Highway. Years Due: 2023-2024

File #: 248 Map/Parcel Number: 22N16 08123 Defendant(s) in Fi/Fa: Rocha-Garcia, Jaime; 22N16 08123 / Lot 23 Blk 8 Unit 2 LA Current Property Owner: Same as Defendant(s) in Fi/Fa Reference Deed: 13203/14 Property Description: All and only that parcel of land designated as Tax Parcel 22N16 08123, lying and being in Land Lot 201 of the 22nd Land District, 2nd Section, Cherokee County, Georgia, being Lot 23, Block 8, Lake Arrowhead Subdivision, Unit 2, Phase 1, shown in Plat Book 9, Page 8, described in Deed Book 13203, Page 14, the description contained therein being incorporated herein by this reference.
